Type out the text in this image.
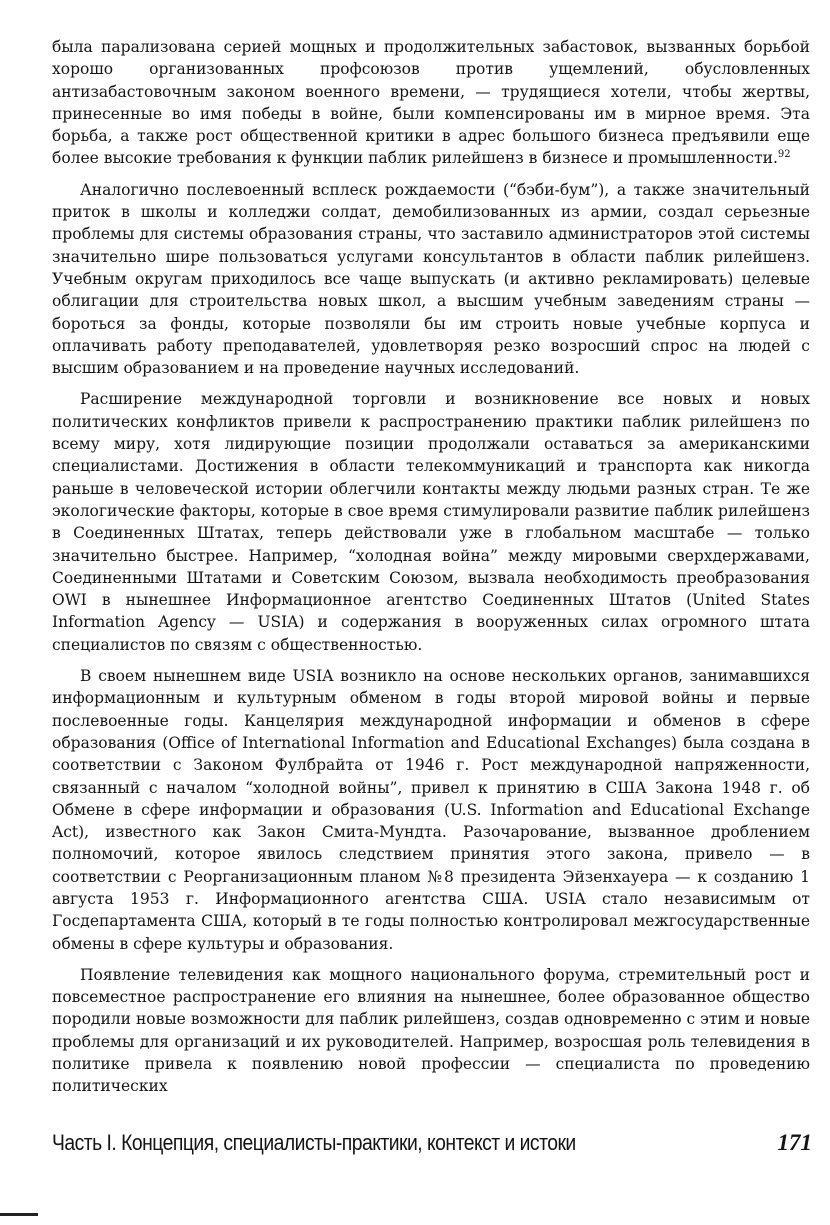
была парализована серией мощных и продолжительных забастовок, вызванных борьбой хорошо организованных профсоюзов против ущемлений, обусловленных антизабастовочным законом военного времени, — трудящиеся хотели, чтобы жертвы, принесенные во имя победы в войне, были компенсированы им в мирное время. Эта борьба, а также рост общественной критики в адрес большого бизнеса предъявили еще более высокие требования к функции паблик рилейшенз в бизнесе и промышленности.$^{92}$

Аналогично послевоенный всплеск рождаемости (“бэби-бум”), а также значительный приток в школы и колледжи солдат, демобилизованных из армии, создал серьезные проблемы для системы образования страны, что заставило администраторов этой системы значительно шире пользоваться услугами консультантов в области паблик рилейшенз. Учебным округам приходилось все чаще выпускать (и активно рекламировать) целевые облигации для строительства новых школ, а высшим учебным заведениям страны — бороться за фонды, которые позволяли бы им строить новые учебные корпуса и оплачивать работу преподавателей, удовлетворяя резко возросший спрос на людей с высшим образованием и на проведение научных исследований.

Расширение международной торговли и возникновение все новых и новых политических конфликтов привели к распространению практики паблик рилейшенз по всему миру, хотя лидирующие позиции продолжали оставаться за американскими специалистами. Достижения в области телекоммуникаций и транспорта как никогда раньше в человеческой истории облегчили контакты между людьми разных стран. Те же экологические факторы, которые в свое время стимулировали развитие паблик рилейшенз в Соединенных Штатах, теперь действовали уже в глобальном масштабе — только значительно быстрее. Например, “холодная война” между мировыми сверхдержавами, Соединенными Штатами и Советским Союзом, вызвала необходимость преобразования OWI в нынешнее Информационное агентство Соединенных Штатов (United States Information Agency — USIA) и содержания в вооруженных силах огромного штата специалистов по связям с общественностью.

В своем нынешнем виде USIA возникло на основе нескольких органов, занимавшихся информационным и культурным обменом в годы второй мировой войны и первые послевоенные годы. Канцелярия международной информации и обменов в сфере образования (Office of International Information and Educational Exchanges) была создана в соответствии с Законом Фулбрайта от 1946 г. Рост международной напряженности, связанный с началом “холодной войны”, привел к принятию в США Закона 1948 г. об Обмене в сфере информации и образования (U.S. Information and Educational Exchange Act), известного как Закон Смита-Мундта. Разочарование, вызванное дроблением полномочий, которое явилось следствием принятия этого закона, привело — в соответствии с Реорганизационным планом №8 президента Эйзенхауера — к созданию 1 августа 1953 г. Информационного агентства США. USIA стало независимым от Госдепартамента США, который в те годы полностью контролировал межгосударственные обмены в сфере культуры и образования.

Появление телевидения как мощного национального форума, стремительный рост и повсеместное распространение его влияния на нынешнее, более образованное общество породили новые возможности для паблик рилейшенз, создав одновременно с этим и новые проблемы для организаций и их руководителей. Например, возросшая роль телевидения в политике привела к появлению новой профессии — специалиста по проведению политических

Часть I. Концепция, специалисты-практики, контекст и истоки	171
